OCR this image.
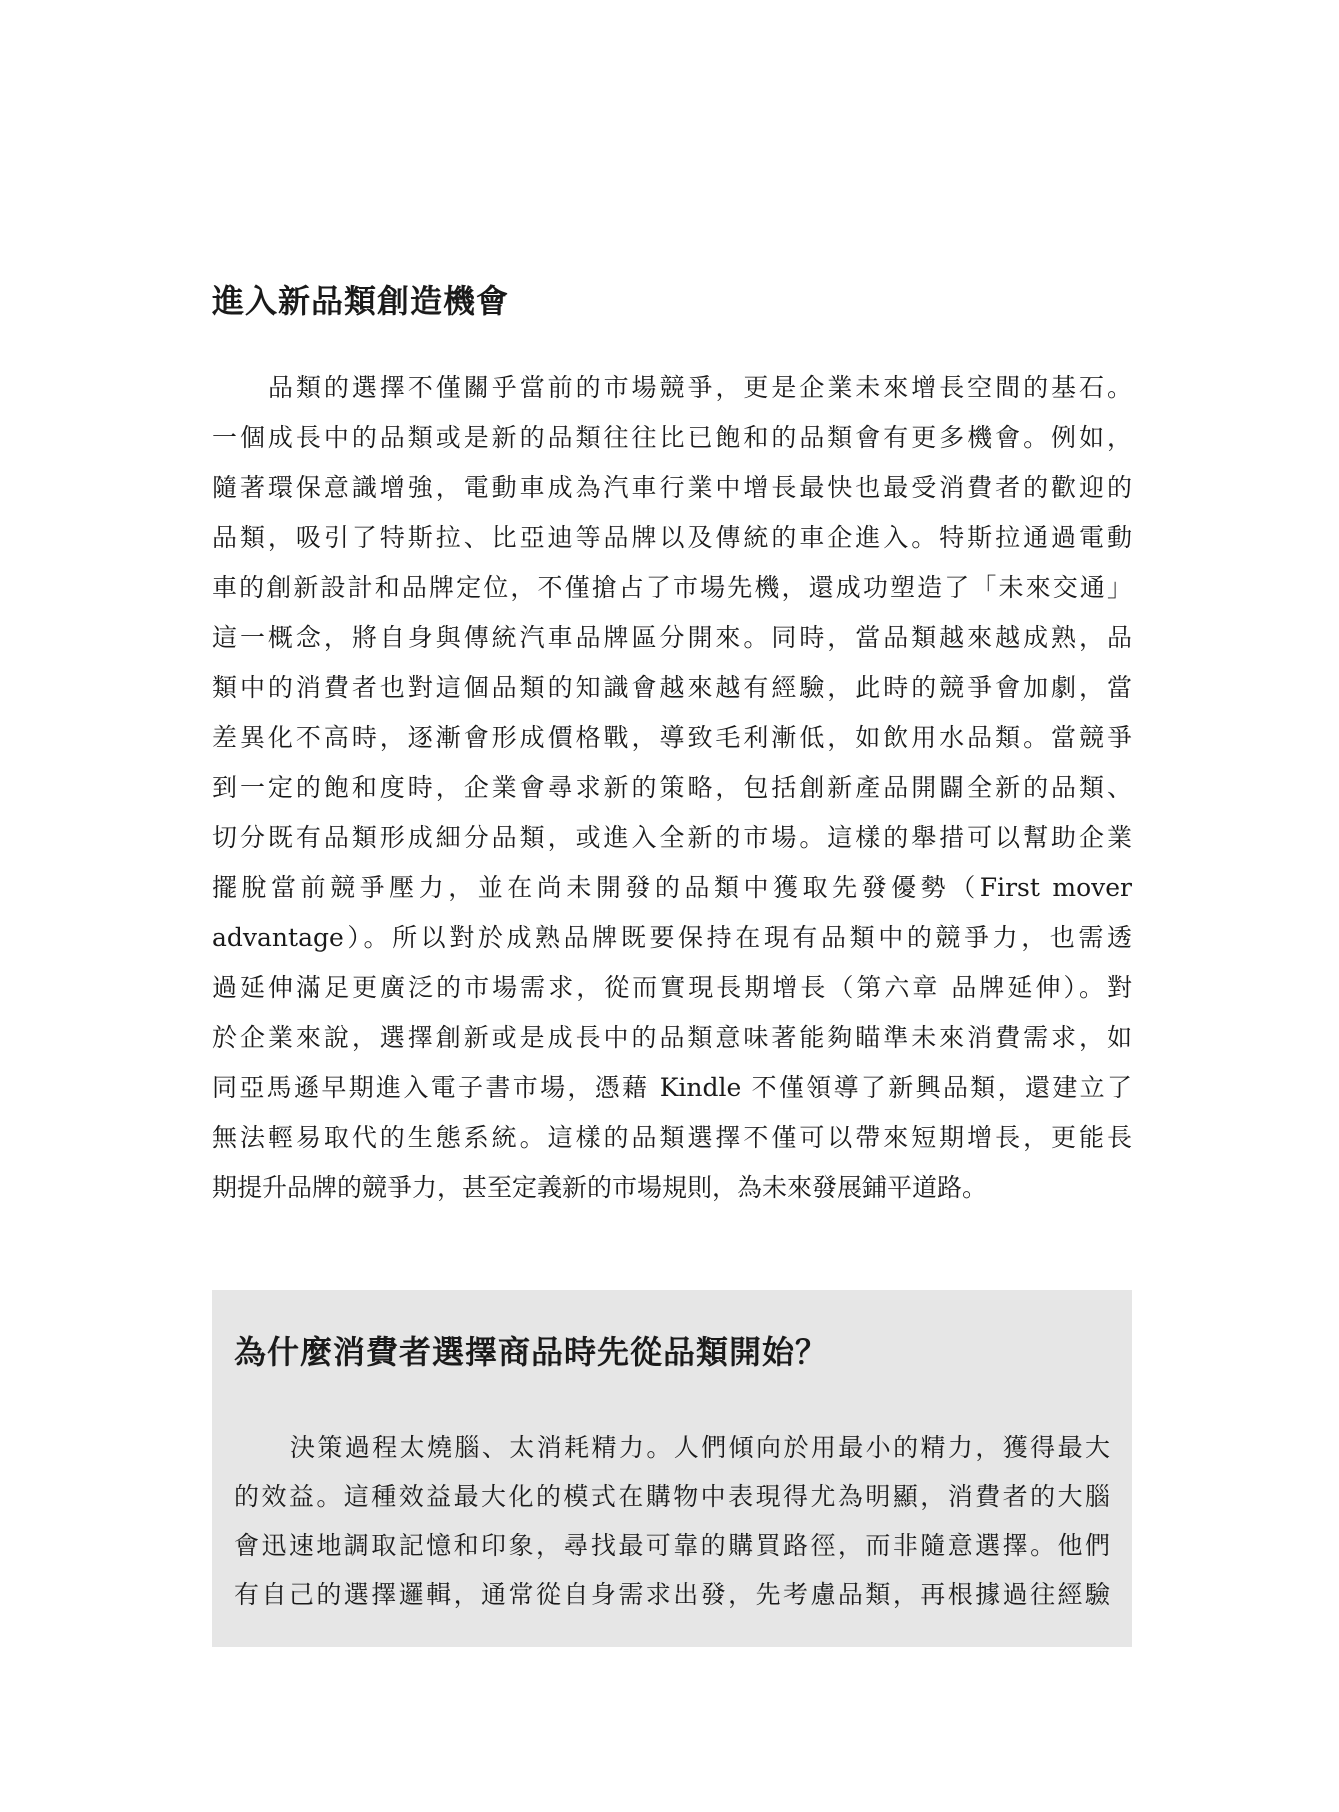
進入新品類創造機會
品類的選擇不僅關乎當前的市場競爭，更是企業未來增長空間的基石。
一個成長中的品類或是新的品類往往比已飽和的品類會有更多機會。例如，
隨著環保意識增強，電動車成為汽車行業中增長最快也最受消費者的歡迎的
品類，吸引了特斯拉、比亞迪等品牌以及傳統的車企進入。特斯拉通過電動
車的創新設計和品牌定位，不僅搶占了市場先機，還成功塑造了「未來交通」
這一概念，將自身與傳統汽車品牌區分開來。同時，當品類越來越成熟，品
類中的消費者也對這個品類的知識會越來越有經驗，此時的競爭會加劇，當
差異化不高時，逐漸會形成價格戰，導致毛利漸低，如飲用水品類。當競爭
到一定的飽和度時，企業會尋求新的策略，包括創新產品開闢全新的品類、
切分既有品類形成細分品類，或進入全新的市場。這樣的舉措可以幫助企業
擺脫當前競爭壓力，並在尚未開發的品類中獲取先發優勢（First mover
advantage）。所以對於成熟品牌既要保持在現有品類中的競爭力，也需透
過延伸滿足更廣泛的市場需求，從而實現長期增長（第六章 品牌延伸）。對
於企業來說，選擇創新或是成長中的品類意味著能夠瞄準未來消費需求，如
同亞馬遜早期進入電子書市場，憑藉 Kindle 不僅領導了新興品類，還建立了
無法輕易取代的生態系統。這樣的品類選擇不僅可以帶來短期增長，更能長
期提升品牌的競爭力，甚至定義新的市場規則，為未來發展鋪平道路。
為什麼消費者選擇商品時先從品類開始？
決策過程太燒腦、太消耗精力。人們傾向於用最小的精力，獲得最大
的效益。這種效益最大化的模式在購物中表現得尤為明顯，消費者的大腦
會迅速地調取記憶和印象，尋找最可靠的購買路徑，而非隨意選擇。他們
有自己的選擇邏輯，通常從自身需求出發，先考慮品類，再根據過往經驗
